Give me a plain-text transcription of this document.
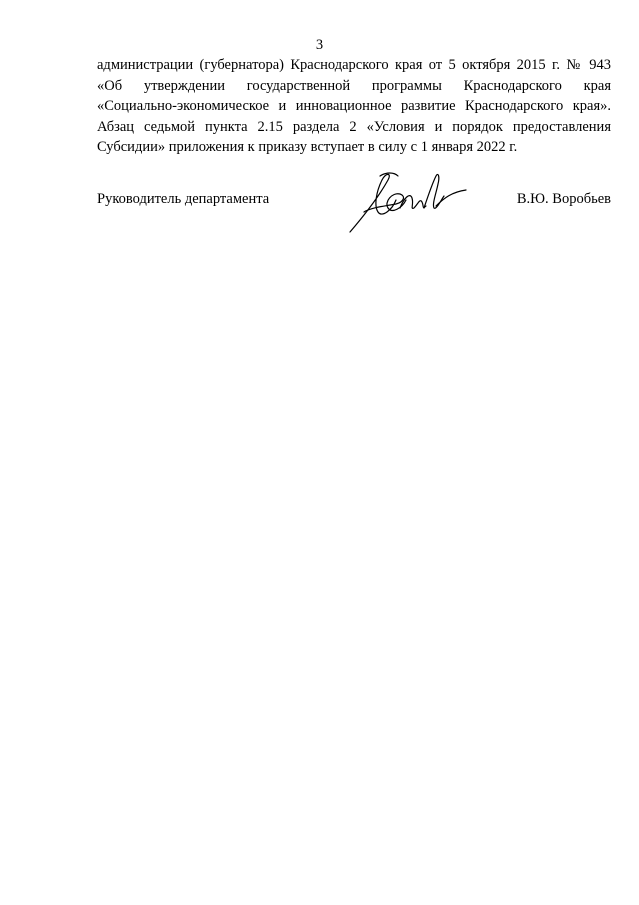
3
администрации (губернатора) Краснодарского края от 5 октября 2015 г. № 943
«Об утверждении государственной программы Краснодарского края
«Социально-экономическое и инновационное развитие Краснодарского края».
Абзац седьмой пункта 2.15 раздела 2 «Условия и порядок предоставления
Субсидии» приложения к приказу вступает в силу с 1 января 2022 г.
Руководитель департамента	В.Ю. Воробьев
